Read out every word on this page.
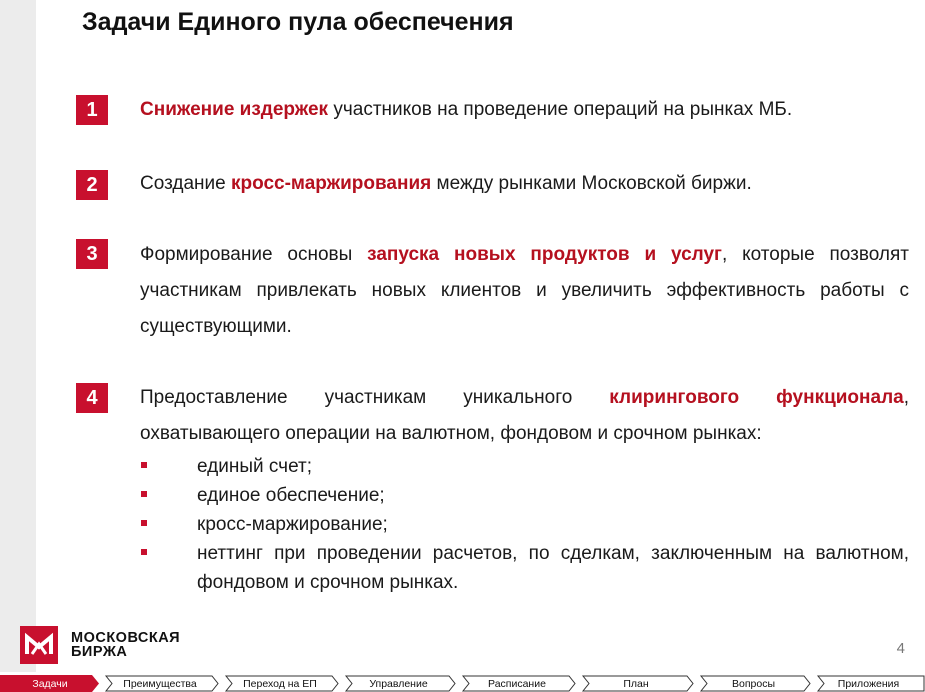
Задачи Единого пула обеспечения
1	Снижение издержек участников на проведение операций на рынках МБ.
2	Создание кросс-маржирования между рынками Московской биржи.
3	Формирование основы запуска новых продуктов и услуг, которые позволят участникам привлекать новых клиентов и увеличить эффективность работы с существующими.
4	Предоставление участникам уникального клирингового функционала, охватывающего операции на валютном, фондовом и срочном рынках:
единый счет;
единое обеспечение;
кросс-маржирование;
неттинг при проведении расчетов, по сделкам, заключенным на валютном, фондовом и срочном рынках.
МОСКОВСКАЯ
БИРЖА	4
Задачи	Преимущества	Переход на ЕП	Управление	Расписание	План	Вопросы	Приложения
